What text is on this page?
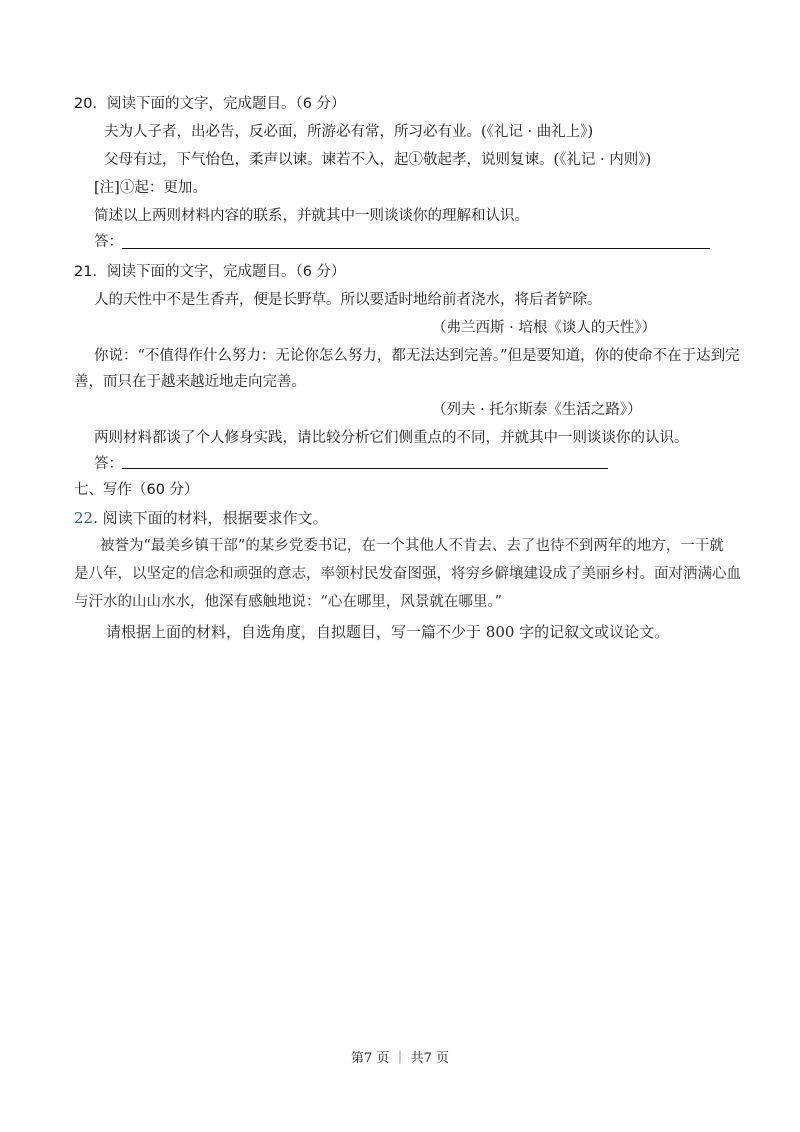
20．阅读下面的文字，完成题目。（6 分）
夫为人子者，出必告，反必面，所游必有常，所习必有业。(《礼记 · 曲礼上》)
父母有过，下气怡色，柔声以谏。谏若不入，起①敬起孝，说则复谏。(《礼记 · 内则》)
[注]①起：更加。
简述以上两则材料内容的联系，并就其中一则谈谈你的理解和认识。
答：
21．阅读下面的文字，完成题目。（6 分）
人的天性中不是生香卉，便是长野草。所以要适时地给前者浇水，将后者铲除。
（弗兰西斯 · 培根《谈人的天性》）
你说：“不值得作什么努力：无论你怎么努力，都无法达到完善。”但是要知道，你的使命不在于达到完
善，而只在于越来越近地走向完善。
（列夫 · 托尔斯泰《生活之路》）
两则材料都谈了个人修身实践，请比较分析它们侧重点的不同，并就其中一则谈谈你的认识。
答：
七、写作（60 分）
22. 阅读下面的材料，根据要求作文。
被誉为“最美乡镇干部”的某乡党委书记，在一个其他人不肯去、去了也待不到两年的地方，一干就
是八年，以坚定的信念和顽强的意志，率领村民发奋图强，将穷乡僻壤建设成了美丽乡村。面对洒满心血
与汗水的山山水水，他深有感触地说：“心在哪里，风景就在哪里。”
请根据上面的材料，自选角度，自拟题目，写一篇不少于 800 字的记叙文或议论文。
第7 页 ｜ 共7 页
